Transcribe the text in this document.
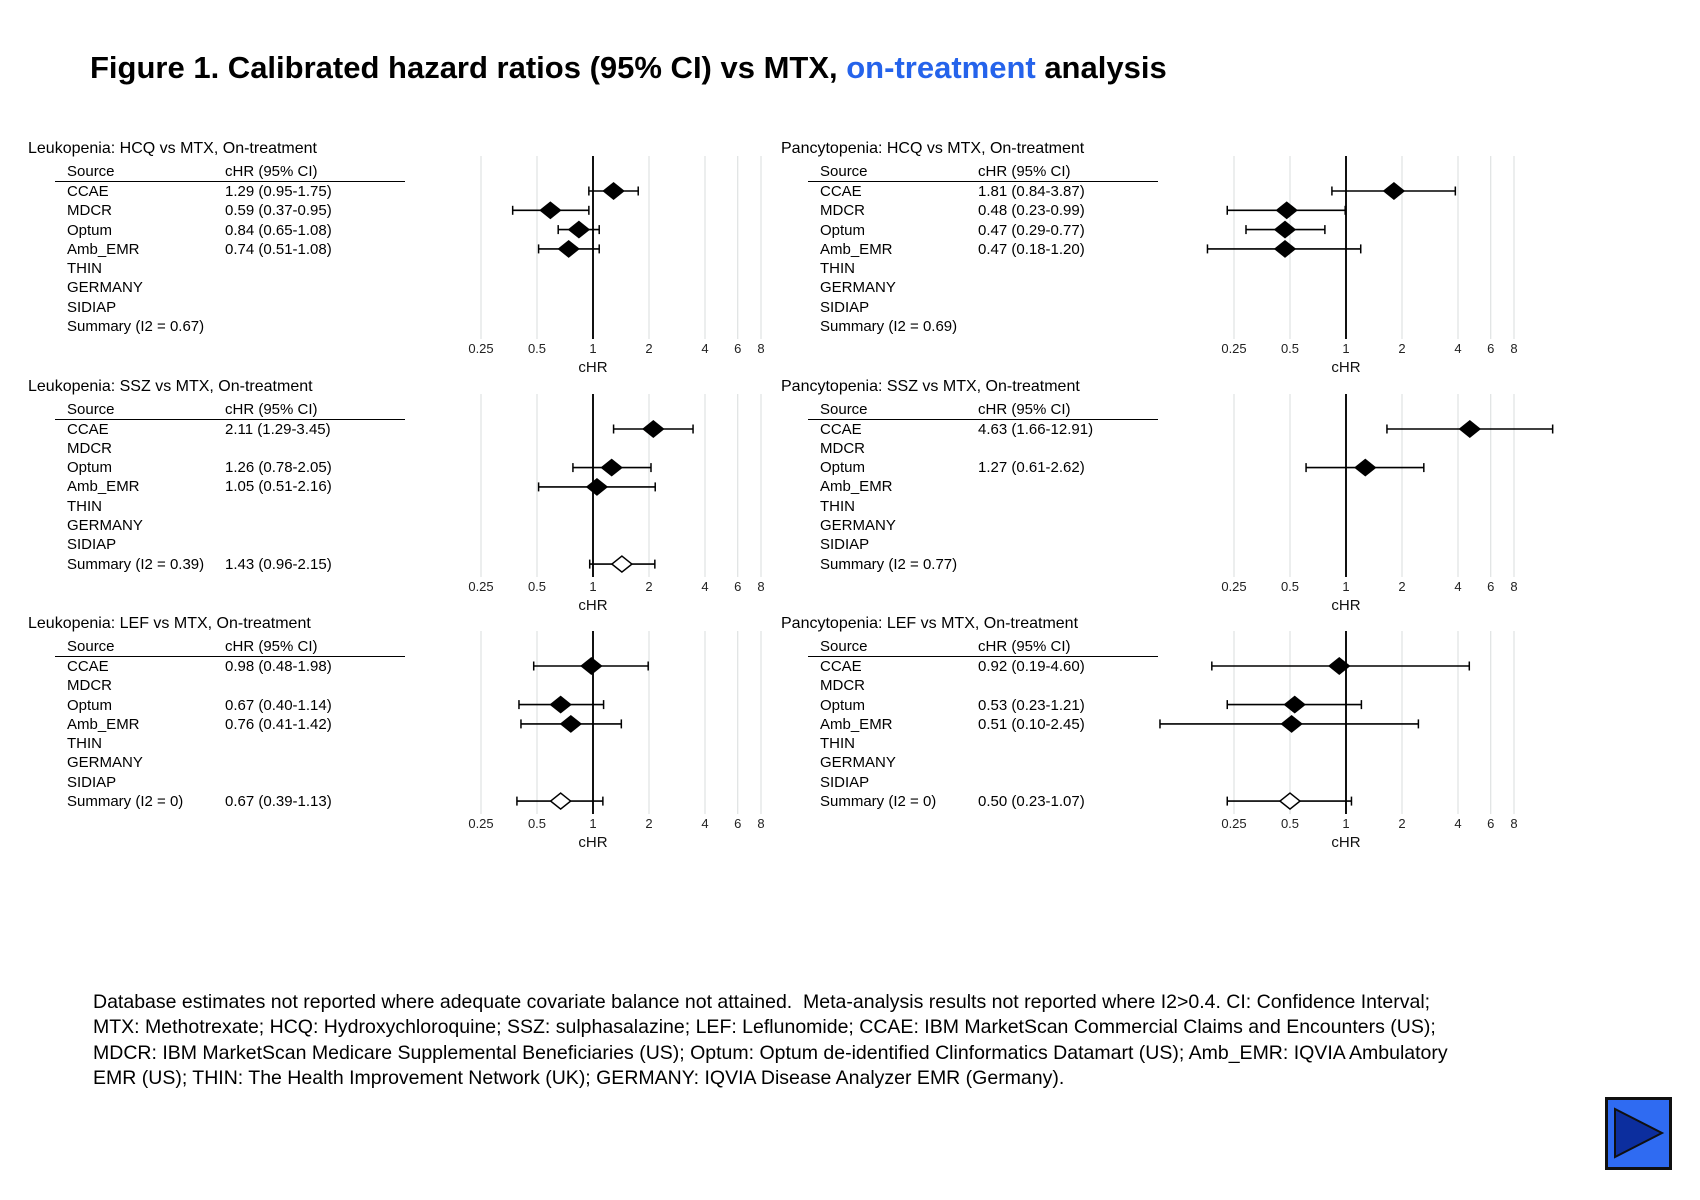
Figure 1. Calibrated hazard ratios (95% CI) vs MTX, on-treatment analysis
Leukopenia: HCQ vs MTX, On-treatment
Source	cHR (95% CI)
CCAE	1.29 (0.95-1.75)
MDCR	0.59 (0.37-0.95)
Optum	0.84 (0.65-1.08)
Amb_EMR	0.74 (0.51-1.08)
THIN
GERMANY
SIDIAP
Summary (I2 = 0.67)
0.25	0.5	1	2	4 6 8
cHR
Pancytopenia: HCQ vs MTX, On-treatment
Source	cHR (95% CI)
CCAE	1.81 (0.84-3.87)
MDCR	0.48 (0.23-0.99)
Optum	0.47 (0.29-0.77)
Amb_EMR	0.47 (0.18-1.20)
THIN
GERMANY
SIDIAP
Summary (I2 = 0.69)
0.25	0.5	1	2	4 6 8
cHR
Leukopenia: SSZ vs MTX, On-treatment
Source	cHR (95% CI)
CCAE	2.11 (1.29-3.45)
MDCR
Optum	1.26 (0.78-2.05)
Amb_EMR	1.05 (0.51-2.16)
THIN
GERMANY
SIDIAP
Summary (I2 = 0.39)	1.43 (0.96-2.15)
0.25	0.5	1	2	4 6 8
cHR
Pancytopenia: SSZ vs MTX, On-treatment
Source	cHR (95% CI)
CCAE	4.63 (1.66-12.91)
MDCR
Optum	1.27 (0.61-2.62)
Amb_EMR
THIN
GERMANY
SIDIAP
Summary (I2 = 0.77)
0.25	0.5	1	2	4 6 8
cHR
Leukopenia: LEF vs MTX, On-treatment
Source	cHR (95% CI)
CCAE	0.98 (0.48-1.98)
MDCR
Optum	0.67 (0.40-1.14)
Amb_EMR	0.76 (0.41-1.42)
THIN
GERMANY
SIDIAP
Summary (I2 = 0)	0.67 (0.39-1.13)
0.25	0.5	1	2	4 6 8
cHR
Pancytopenia: LEF vs MTX, On-treatment
Source	cHR (95% CI)
CCAE	0.92 (0.19-4.60)
MDCR
Optum	0.53 (0.23-1.21)
Amb_EMR	0.51 (0.10-2.45)
THIN
GERMANY
SIDIAP
Summary (I2 = 0)	0.50 (0.23-1.07)
0.25	0.5	1	2	4 6 8
cHR
Database estimates not reported where adequate covariate balance not attained.  Meta-analysis results not reported where I2>0.4. CI: Confidence Interval; MTX: Methotrexate; HCQ: Hydroxychloroquine; SSZ: sulphasalazine; LEF: Leflunomide; CCAE: IBM MarketScan Commercial Claims and Encounters (US); MDCR: IBM MarketScan Medicare Supplemental Beneficiaries (US); Optum: Optum de-identified Clinformatics Datamart (US); Amb_EMR: IQVIA Ambulatory EMR (US); THIN: The Health Improvement Network (UK); GERMANY: IQVIA Disease Analyzer EMR (Germany).
